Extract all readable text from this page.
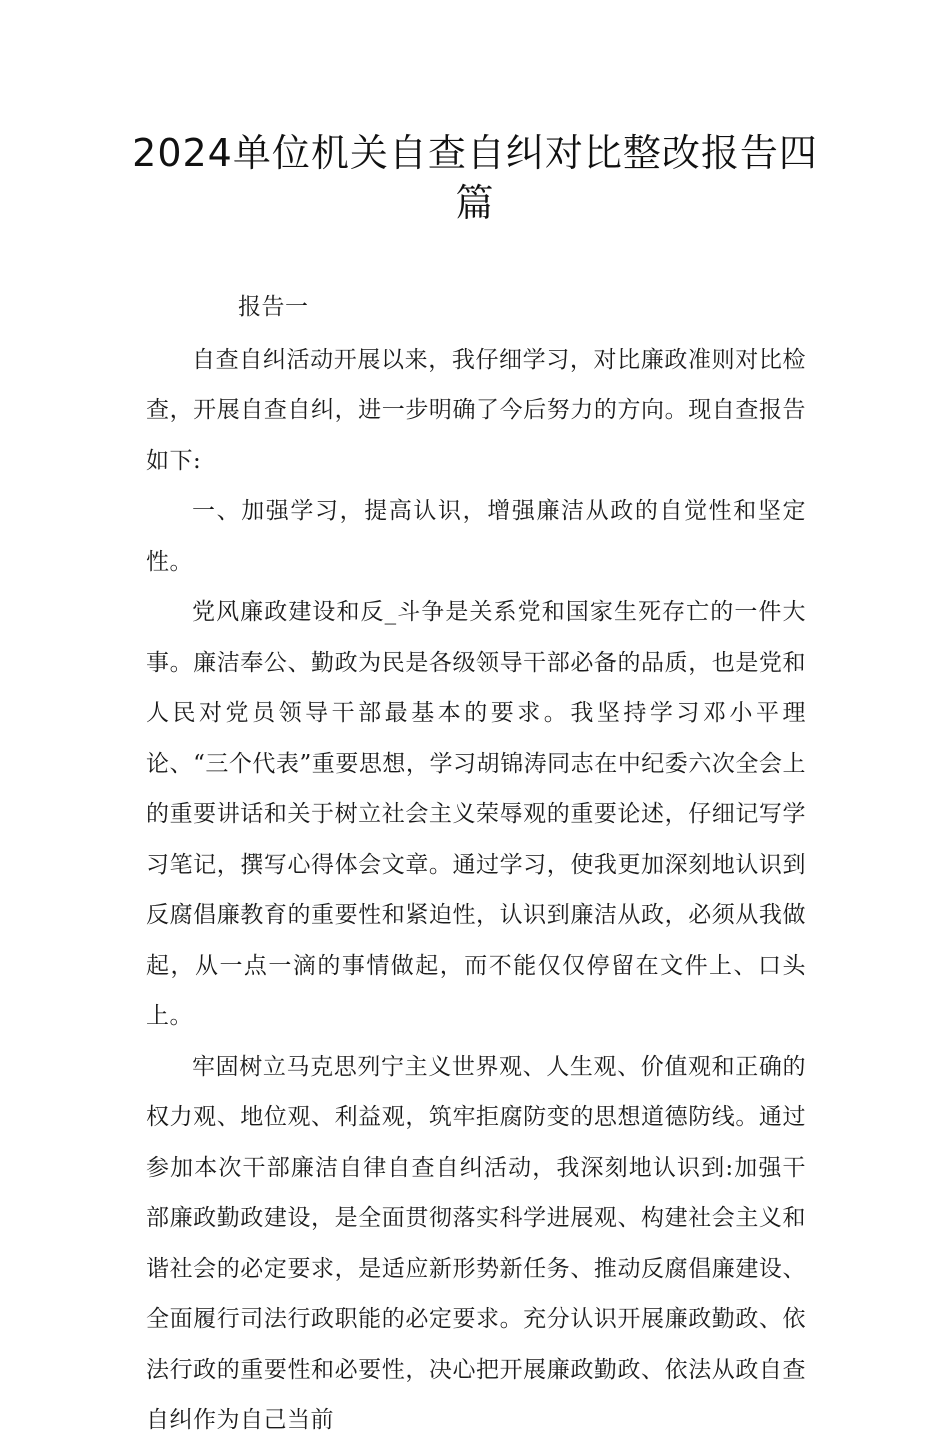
2024单位机关自查自纠对比整改报告四篇

报告一

自查自纠活动开展以来，我仔细学习，对比廉政准则对比检查，开展自查自纠，进一步明确了今后努力的方向。现自查报告如下:

一、加强学习，提高认识，增强廉洁从政的自觉性和坚定性。

党风廉政建设和反_斗争是关系党和国家生死存亡的一件大事。廉洁奉公、勤政为民是各级领导干部必备的品质，也是党和人民对党员领导干部最基本的要求。我坚持学习邓小平理论、“三个代表”重要思想，学习胡锦涛同志在中纪委六次全会上的重要讲话和关于树立社会主义荣辱观的重要论述，仔细记写学习笔记，撰写心得体会文章。通过学习，使我更加深刻地认识到反腐倡廉教育的重要性和紧迫性，认识到廉洁从政，必须从我做起，从一点一滴的事情做起，而不能仅仅停留在文件上、口头上。

牢固树立马克思列宁主义世界观、人生观、价值观和正确的权力观、地位观、利益观，筑牢拒腐防变的思想道德防线。通过参加本次干部廉洁自律自查自纠活动，我深刻地认识到:加强干部廉政勤政建设，是全面贯彻落实科学进展观、构建社会主义和谐社会的必定要求，是适应新形势新任务、推动反腐倡廉建设、全面履行司法行政职能的必定要求。充分认识开展廉政勤政、依法行政的重要性和必要性，决心把开展廉政勤政、依法从政自查自纠作为自己当前
